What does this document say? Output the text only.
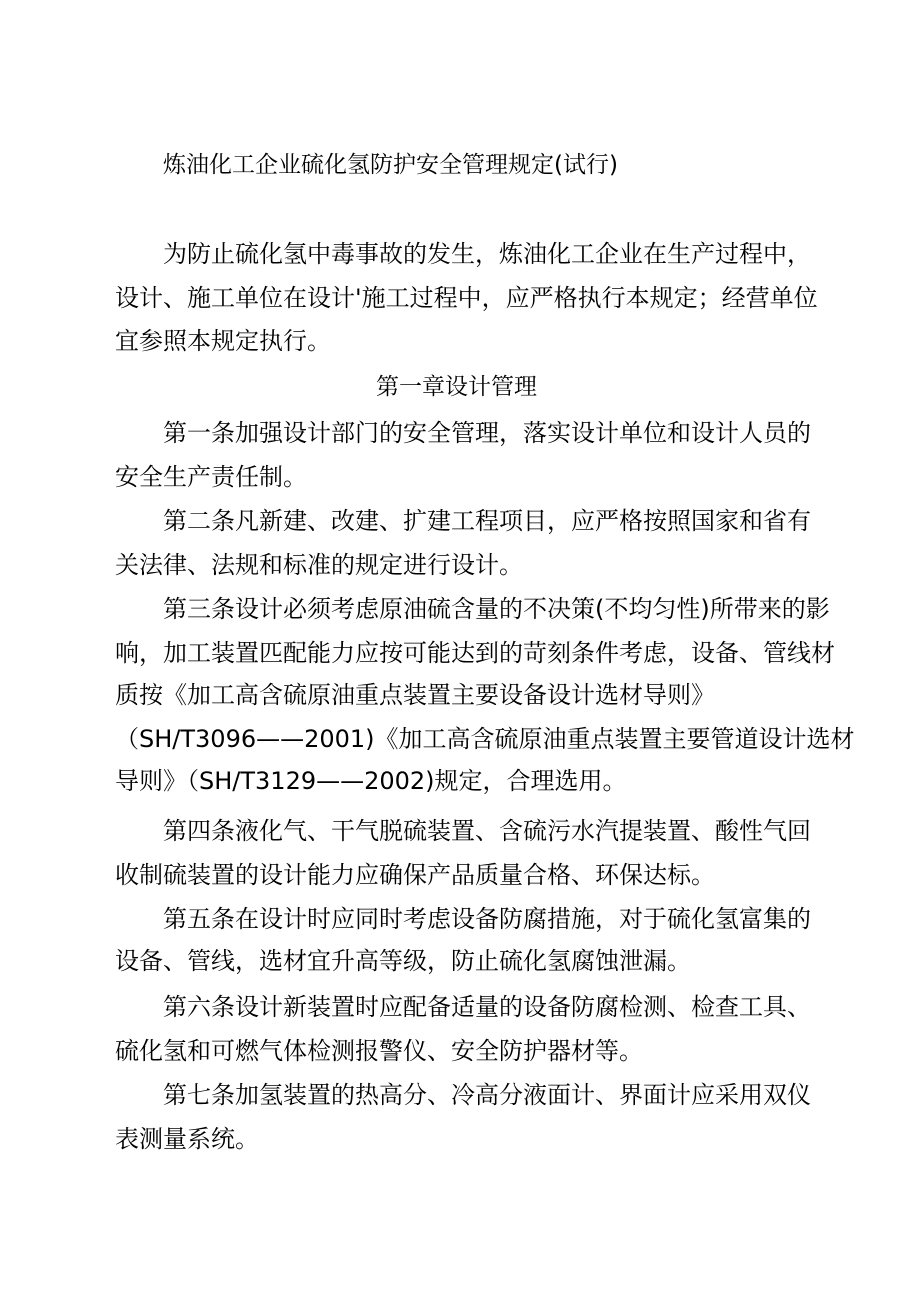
炼油化工企业硫化氢防护安全管理规定(试行)
为防止硫化氢中毒事故的发生，炼油化工企业在生产过程中，
设计、施工单位在设计'施工过程中，应严格执行本规定；经营单位
宜参照本规定执行。
第一章设计管理
第一条加强设计部门的安全管理，落实设计单位和设计人员的
安全生产责任制。
第二条凡新建、改建、扩建工程项目，应严格按照国家和省有
关法律、法规和标准的规定进行设计。
第三条设计必须考虑原油硫含量的不决策(不均匀性)所带来的影
响，加工装置匹配能力应按可能达到的苛刻条件考虑，设备、管线材
质按《加工高含硫原油重点装置主要设备设计选材导则》
（SH/T3096——2001)《加工高含硫原油重点装置主要管道设计选材
导则》（SH/T3129——2002)规定，合理选用。
第四条液化气、干气脱硫装置、含硫污水汽提装置、酸性气回
收制硫装置的设计能力应确保产品质量合格、环保达标。
第五条在设计时应同时考虑设备防腐措施，对于硫化氢富集的
设备、管线，选材宜升高等级，防止硫化氢腐蚀泄漏。
第六条设计新装置时应配备适量的设备防腐检测、检查工具、
硫化氢和可燃气体检测报警仪、安全防护器材等。
第七条加氢装置的热高分、冷高分液面计、界面计应采用双仪
表测量系统。
